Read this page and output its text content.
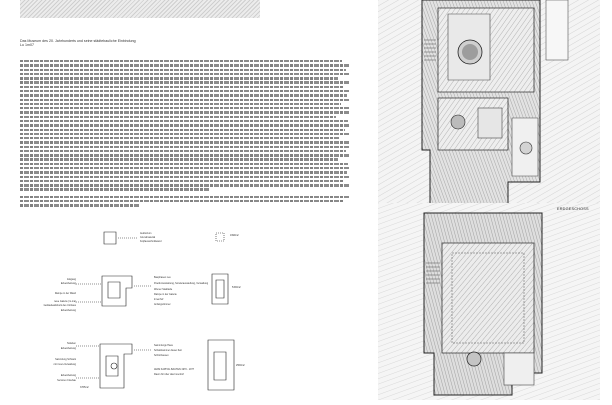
Das Museum des 20. Jahrhunderts und seine städtebauliche Einbindung
Lu 1m07
Auditorium
Grundmaterial
Kopfausschnittwand
1999m2
Eingang
Eckeinbettung
Rampe in der Wand
neue Galerie (m-ma)
Gebäudeabdruck des Umbaus
Eckeinbettung
Bauphasen neu
Poetik Ausstattung, Sonderausstellung, Verwaltung
Wiener Stadtteile
Rampe in der Galerie
Innenhof
Anfangszimmer
5150m2
Teilarten
Eckeinbettung
Sammlung Schrank
mit innen-Verwaltung
Eckeinbettung
Serviceo Cinebau
Sammlungs Haus
Schatzkammer dieser Zeit
Schönhausen
JENS KAPITAL BAUTEN 1970 - 1977
Raum für über das Innenhof
3765m2
2560m2
ERDGESCHOSS
